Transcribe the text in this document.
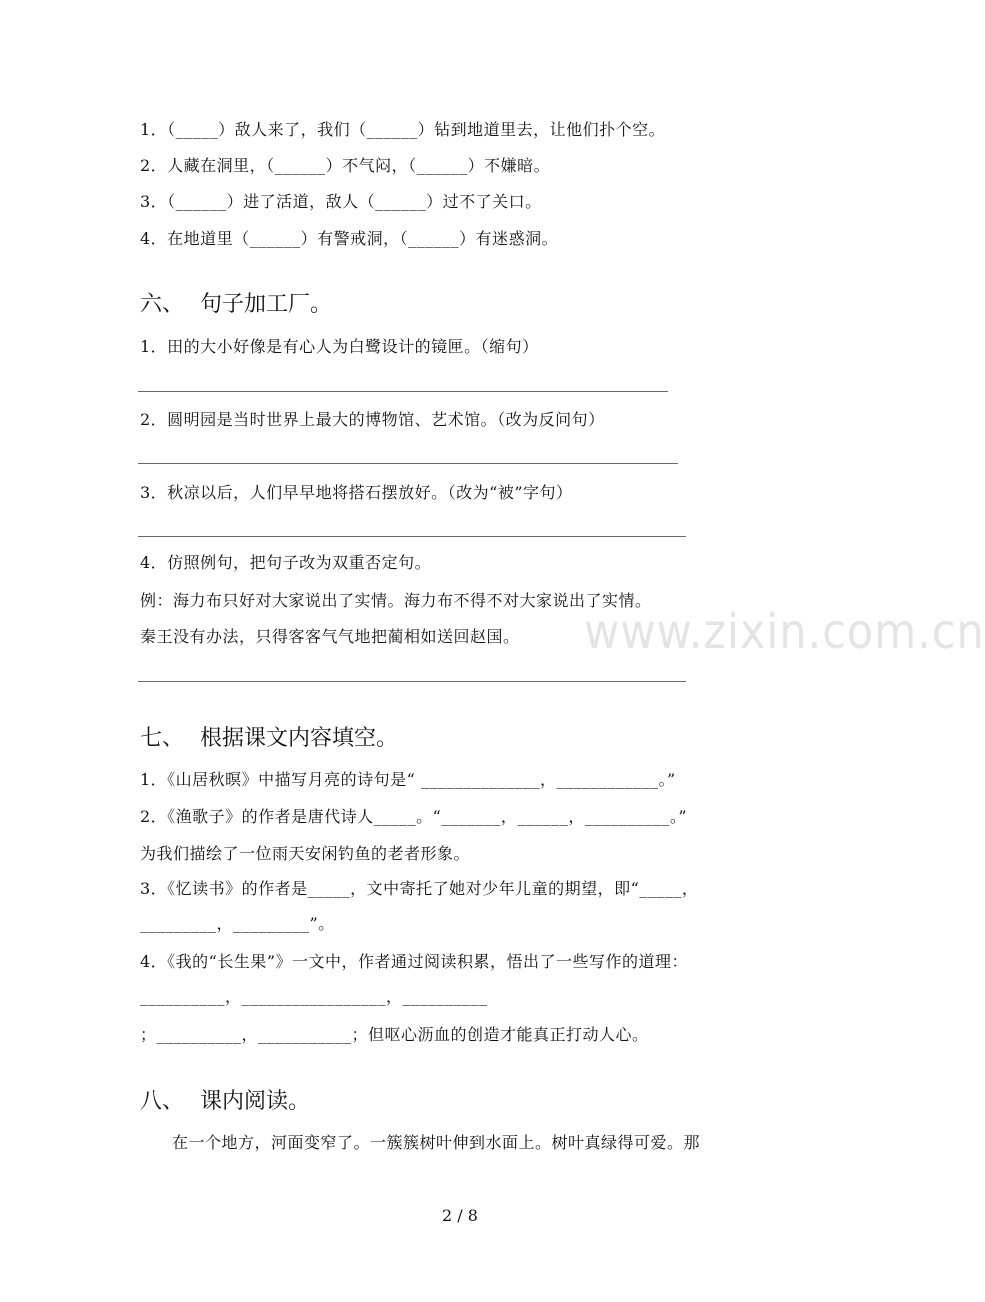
1．（_____）敌人来了，我们（______）钻到地道里去，让他们扑个空。
2．人藏在洞里，（______）不气闷，（______）不嫌暗。
3．（______）进了活道，敌人（______）过不了关口。
4．在地道里（______）有警戒洞，（______）有迷惑洞。
六、 句子加工厂。
1．田的大小好像是有心人为白鹭设计的镜匣。（缩句）
2．圆明园是当时世界上最大的博物馆、艺术馆。（改为反问句）
3．秋凉以后，人们早早地将搭石摆放好。（改为“被”字句）
4．仿照例句，把句子改为双重否定句。
例：海力布只好对大家说出了实情。海力布不得不对大家说出了实情。
秦王没有办法，只得客客气气地把蔺相如送回赵国。
七、 根据课文内容填空。
1．《山居秋暝》中描写月亮的诗句是“ ______________，____________。”
2．《渔歌子》的作者是唐代诗人_____。“_______，______，__________。”
为我们描绘了一位雨天安闲钓鱼的老者形象。
3．《忆读书》的作者是_____，文中寄托了她对少年儿童的期望，即“_____，
_________，_________”。
4．《我的“长生果”》一文中，作者通过阅读积累，悟出了一些写作的道理：
__________，_________________，__________
；__________，___________；但呕心沥血的创造才能真正打动人心。
八、 课内阅读。
在一个地方，河面变窄了。一簇簇树叶伸到水面上。树叶真绿得可爱。那
www.zixin.com.cn
2 / 8
